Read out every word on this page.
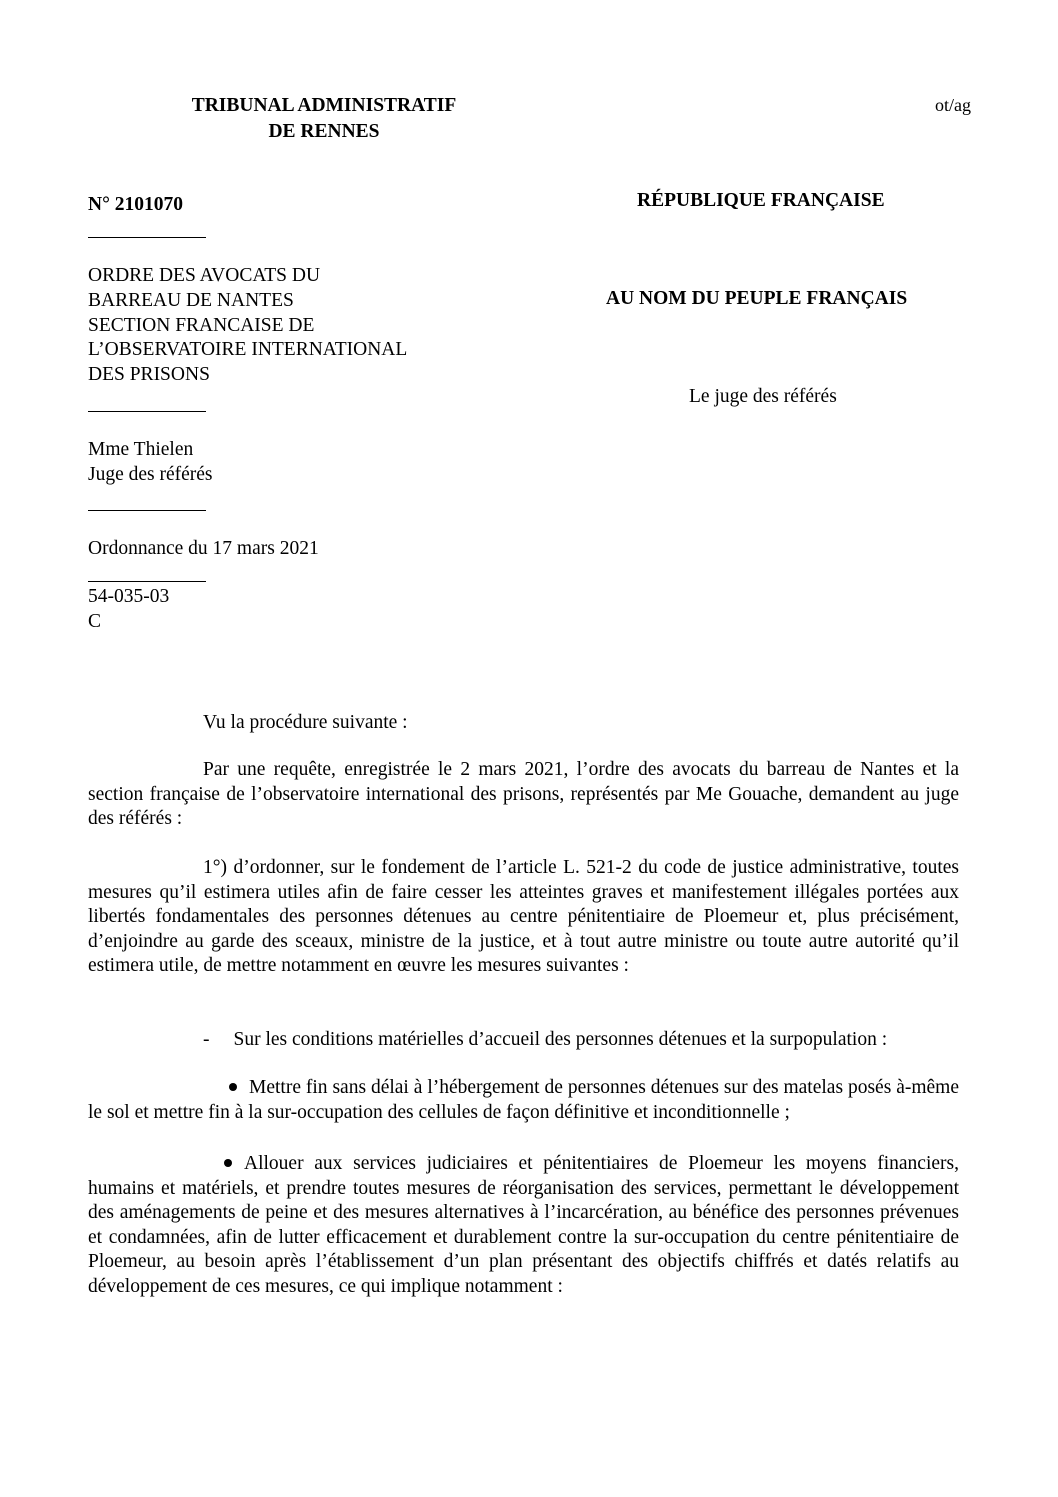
TRIBUNAL ADMINISTRATIF
DE RENNES
ot/ag
N° 2101070	RÉPUBLIQUE FRANÇAISE
ORDRE DES AVOCATS DU
BARREAU DE NANTES
SECTION FRANCAISE DE
L’OBSERVATOIRE INTERNATIONAL
DES PRISONS
AU NOM DU PEUPLE FRANÇAIS
Le juge des référés
Mme Thielen
Juge des référés
Ordonnance du 17 mars 2021
54-035-03
C
Vu la procédure suivante :

Par une requête, enregistrée le 2 mars 2021, l’ordre des avocats du barreau de Nantes et la section française de l’observatoire international des prisons, représentés par Me Gouache, demandent au juge des référés :

1°) d’ordonner, sur le fondement de l’article L. 521-2 du code de justice administrative, toutes mesures qu’il estimera utiles afin de faire cesser les atteintes graves et manifestement illégales portées aux libertés fondamentales des personnes détenues au centre pénitentiaire de Ploemeur et, plus précisément, d’enjoindre au garde des sceaux, ministre de la justice, et à tout autre ministre ou toute autre autorité qu’il estimera utile, de mettre notamment en œuvre les mesures suivantes :

- Sur les conditions matérielles d’accueil des personnes détenues et la surpopulation :

Mettre fin sans délai à l’hébergement de personnes détenues sur des matelas posés à-même le sol et mettre fin à la sur-occupation des cellules de façon définitive et inconditionnelle ;

Allouer aux services judiciaires et pénitentiaires de Ploemeur les moyens financiers, humains et matériels, et prendre toutes mesures de réorganisation des services, permettant le développement des aménagements de peine et des mesures alternatives à l’incarcération, au bénéfice des personnes prévenues et condamnées, afin de lutter efficacement et durablement contre la sur-occupation du centre pénitentiaire de Ploemeur, au besoin après l’établissement d’un plan présentant des objectifs chiffrés et datés relatifs au développement de ces mesures, ce qui implique notamment :
